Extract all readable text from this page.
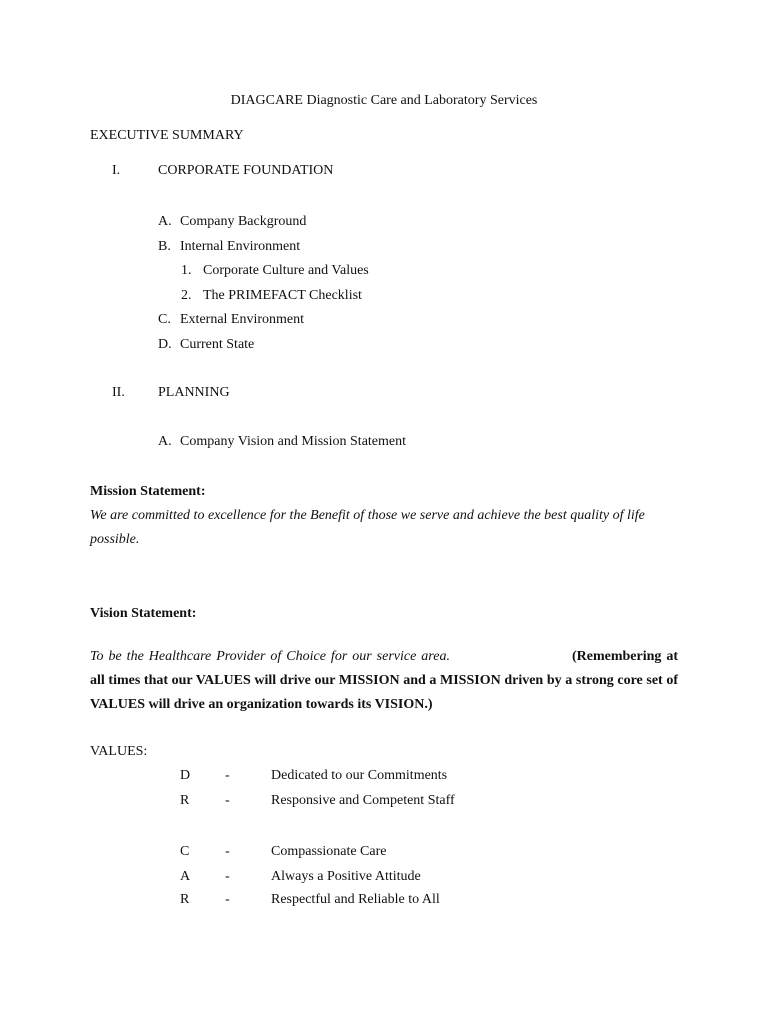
DIAGCARE Diagnostic Care and Laboratory Services
EXECUTIVE SUMMARY
I.	CORPORATE FOUNDATION
A. Company Background
B. Internal Environment
1. Corporate Culture and Values
2. The PRIMEFACT Checklist
C. External Environment
D. Current State
II. PLANNING
A. Company Vision and Mission Statement
Mission Statement:
We are committed to excellence for the Benefit of those we serve and achieve the best quality of life
possible.
Vision Statement:
To be the Healthcare Provider of Choice for our service area.	(Remembering at all times that our VALUES will drive our MISSION and a MISSION driven by a strong core set of VALUES will drive an organization towards its VISION.)
VALUES:
D -	Dedicated to our Commitments
R	-	Responsive and Competent Staff
C	-	Compassionate Care
A -	Always a Positive Attitude
R	-	Respectful and Reliable to All
